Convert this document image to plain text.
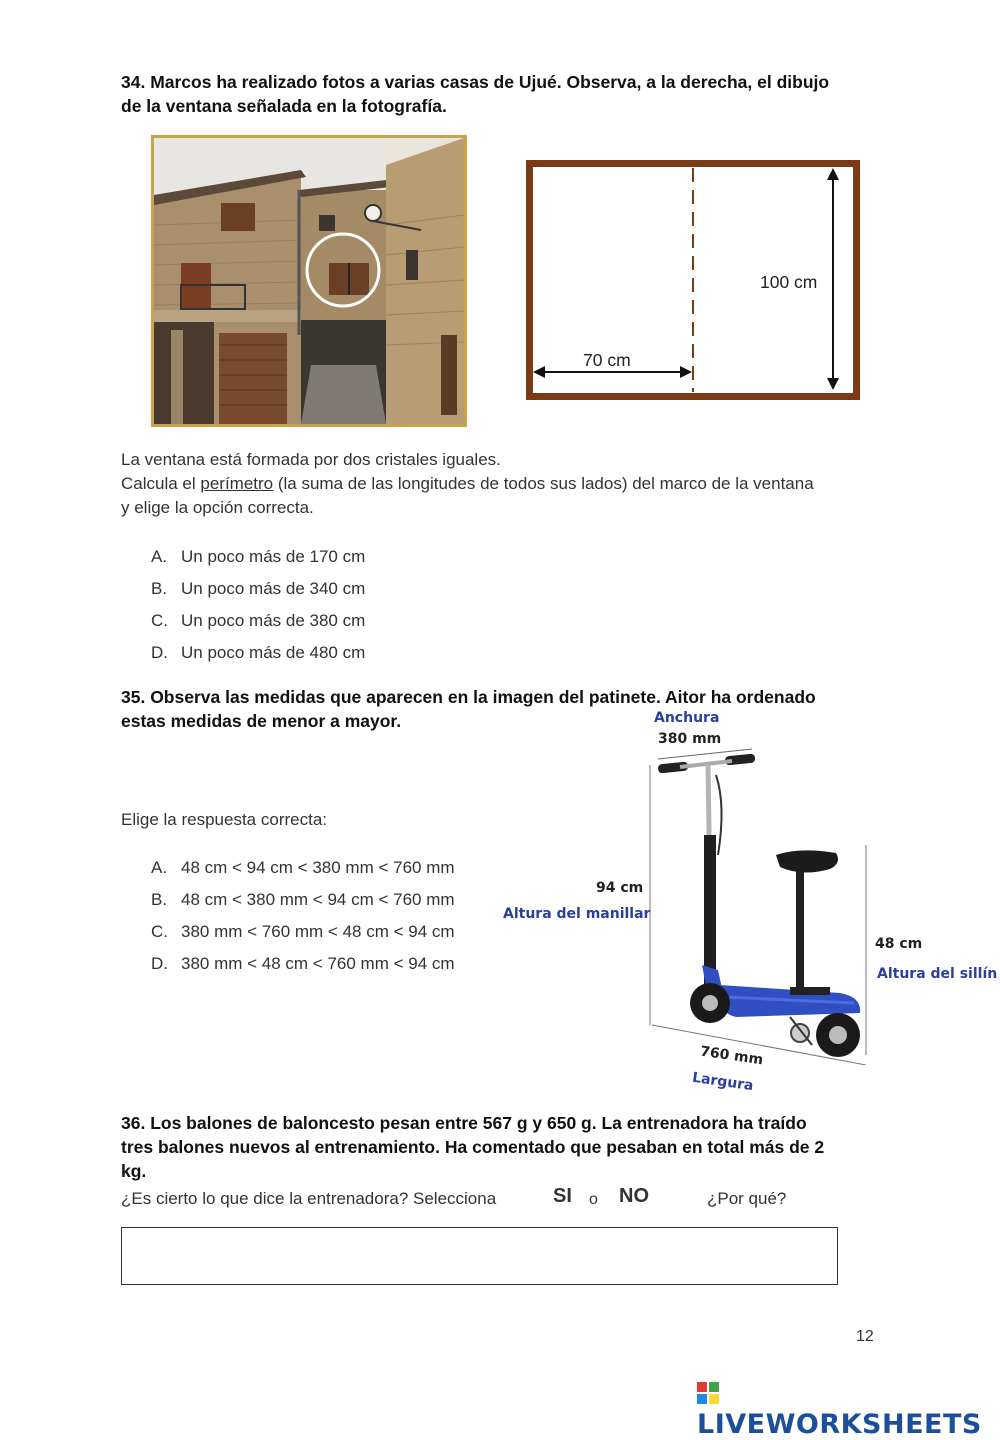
34. Marcos ha realizado fotos a varias casas de Ujué. Observa, a la derecha, el dibujo
de la ventana señalada en la fotografía.

100 cm
70 cm

La ventana está formada por dos cristales iguales.
Calcula el perímetro (la suma de las longitudes de todos sus lados) del marco de la ventana
y elige la opción correcta.

A. Un poco más de 170 cm
B. Un poco más de 340 cm
C. Un poco más de 380 cm
D. Un poco más de 480 cm

35. Observa las medidas que aparecen en la imagen del patinete. Aitor ha ordenado
estas medidas de menor a mayor.

Elige la respuesta correcta:

A. 48 cm < 94 cm < 380 mm < 760 mm
B. 48 cm < 380 mm < 94 cm < 760 mm
C. 380 mm < 760 mm < 48 cm < 94 cm
D. 380 mm < 48 cm < 760 mm < 94 cm
Anchura
380 mm
94 cm
Altura del manillar
48 cm
Altura del sillín
760 mm
Largura

36. Los balones de baloncesto pesan entre 567 g y 650 g. La entrenadora ha traído
tres balones nuevos al entrenamiento. Ha comentado que pesaban en total más de 2
kg.

¿Es cierto lo que dice la entrenadora? Selecciona	SI o NO	¿Por qué?
12
LIVEWORKSHEETS
